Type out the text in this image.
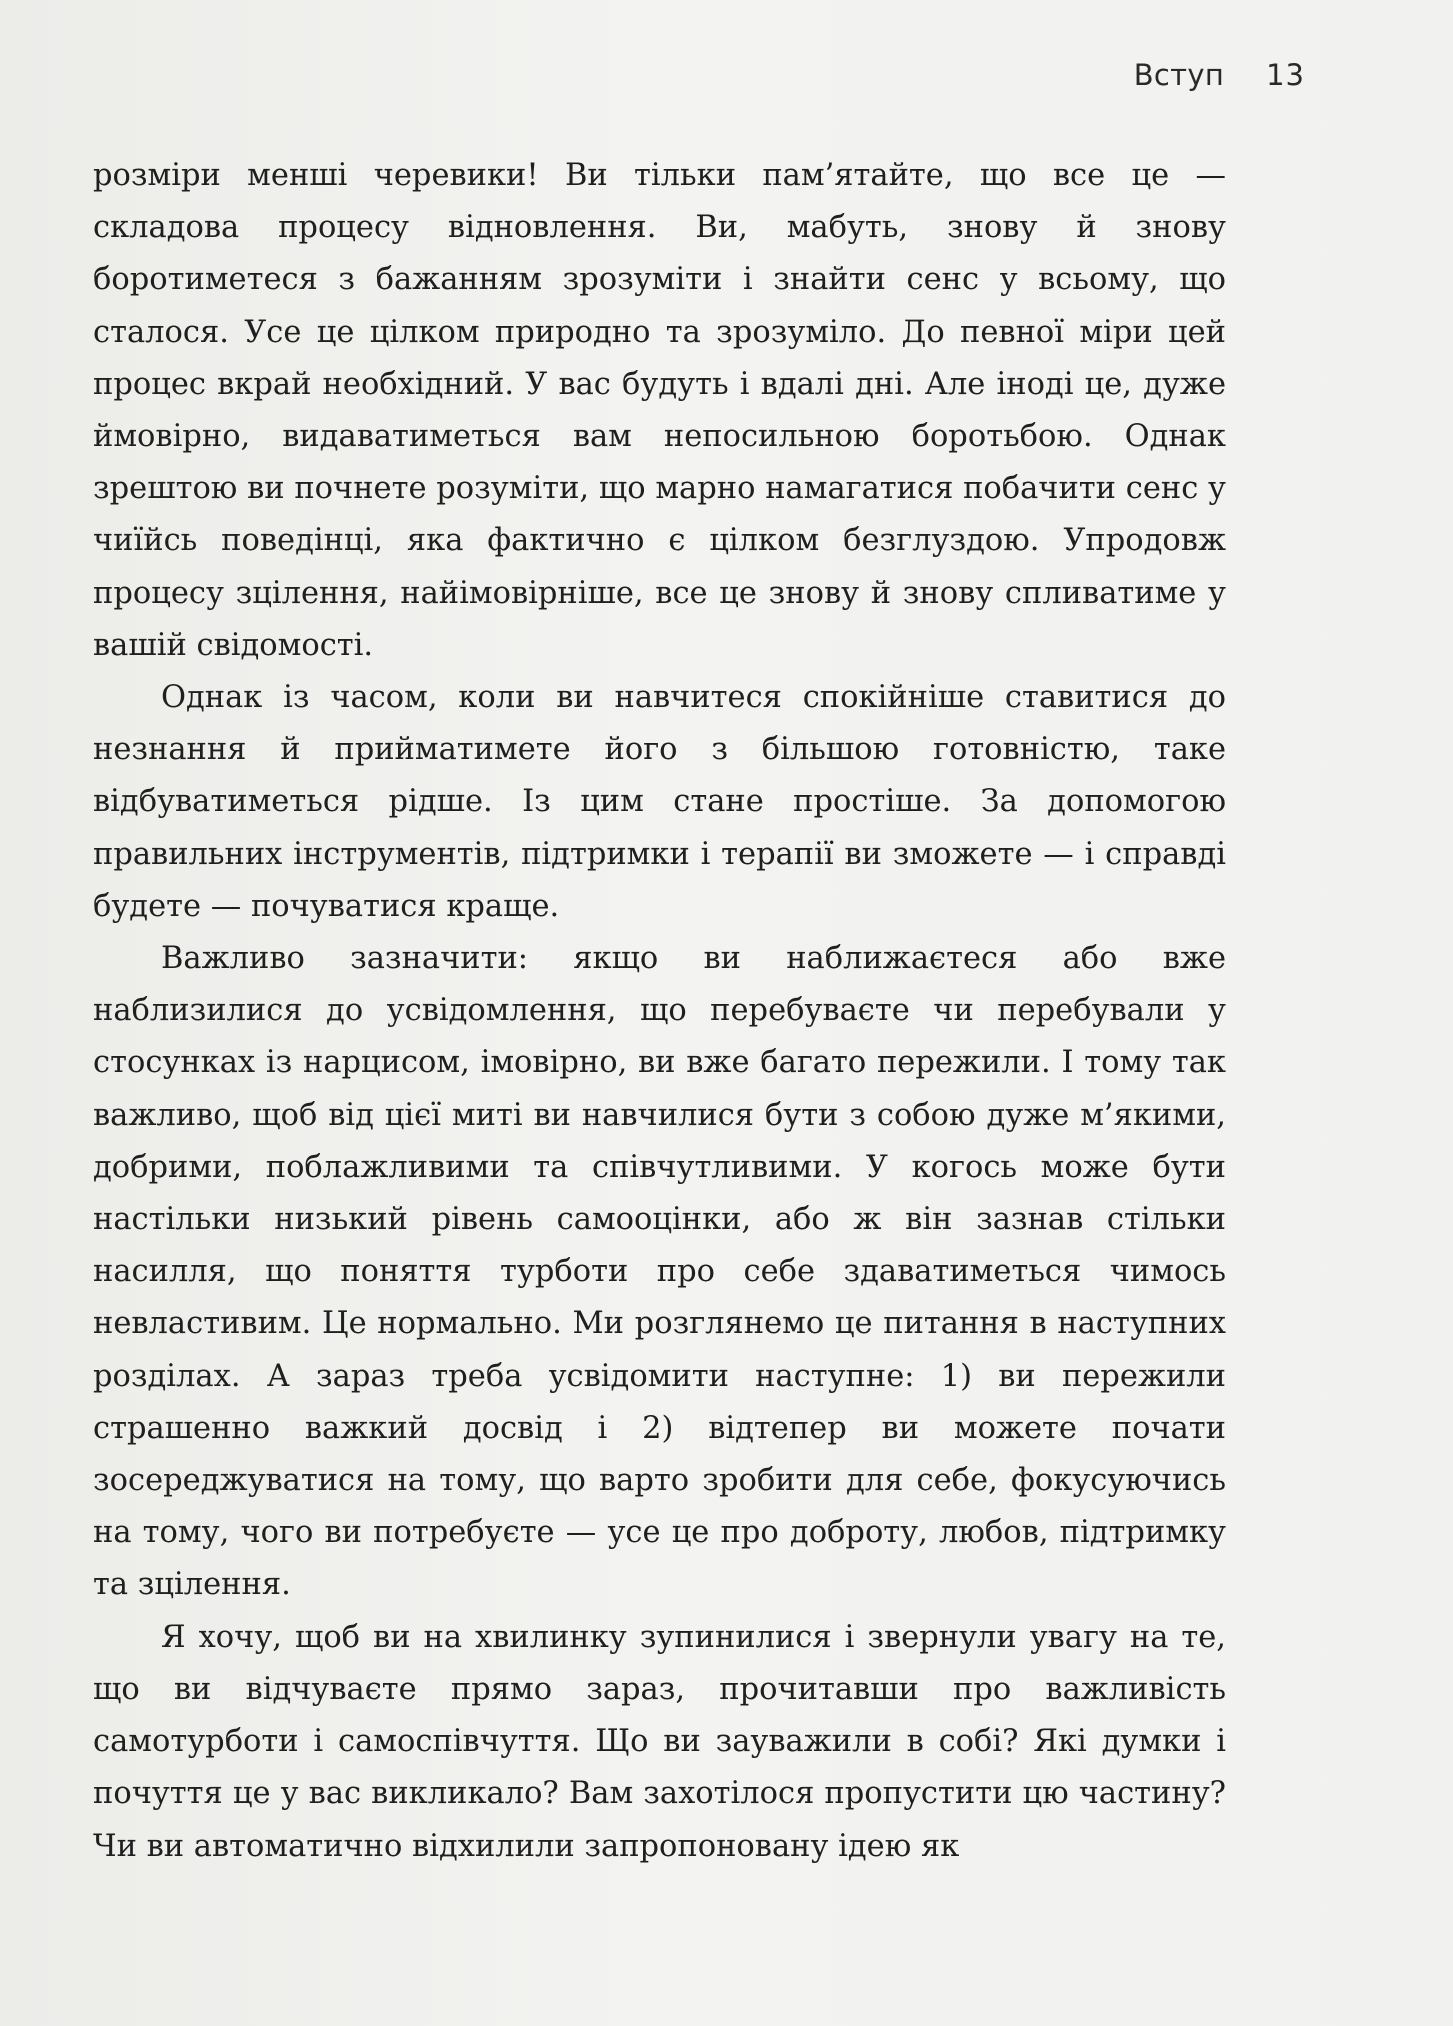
Вступ 13

розміри менші черевики! Ви тільки пам’ятайте, що все це — складова процесу відновлення. Ви, мабуть, знову й знову боротиметеся з бажанням зрозуміти і знайти сенс у всьому, що сталося. Усе це цілком природно та зрозуміло. До певної міри цей процес вкрай необхідний. У вас будуть і вдалі дні. Але іноді це, дуже ймовірно, видаватиметься вам непосильною боротьбою. Однак зрештою ви почнете розуміти, що марно намагатися побачити сенс у чиїйсь поведінці, яка фактично є цілком безглуздою. Упродовж процесу зцілення, найімовірніше, все це знову й знову спливатиме у вашій свідомості.

Однак із часом, коли ви навчитеся спокійніше ставитися до незнання й прийматимете його з більшою готовністю, таке відбуватиметься рідше. Із цим стане простіше. За допомогою правильних інструментів, підтримки і терапії ви зможете — і справді будете — почуватися краще.

Важливо зазначити: якщо ви наближаєтеся або вже наблизилися до усвідомлення, що перебуваєте чи перебували у стосунках із нарцисом, імовірно, ви вже багато пережили. І тому так важливо, щоб від цієї миті ви навчилися бути з собою дуже м’якими, добрими, поблажливими та співчутливими. У когось може бути настільки низький рівень самооцінки, або ж він зазнав стільки насилля, що поняття турботи про себе здаватиметься чимось невластивим. Це нормально. Ми розглянемо це питання в наступних розділах. А зараз треба усвідомити наступне: 1) ви пережили страшенно важкий досвід і 2) відтепер ви можете почати зосереджуватися на тому, що варто зробити для себе, фокусуючись на тому, чого ви потребуєте — усе це про доброту, любов, підтримку та зцілення.

Я хочу, щоб ви на хвилинку зупинилися і звернули увагу на те, що ви відчуваєте прямо зараз, прочитавши про важливість самотурботи і самоспівчуття. Що ви зауважили в собі? Які думки і почуття це у вас викликало? Вам захотілося пропустити цю частину? Чи ви автоматично відхилили запропоновану ідею як
